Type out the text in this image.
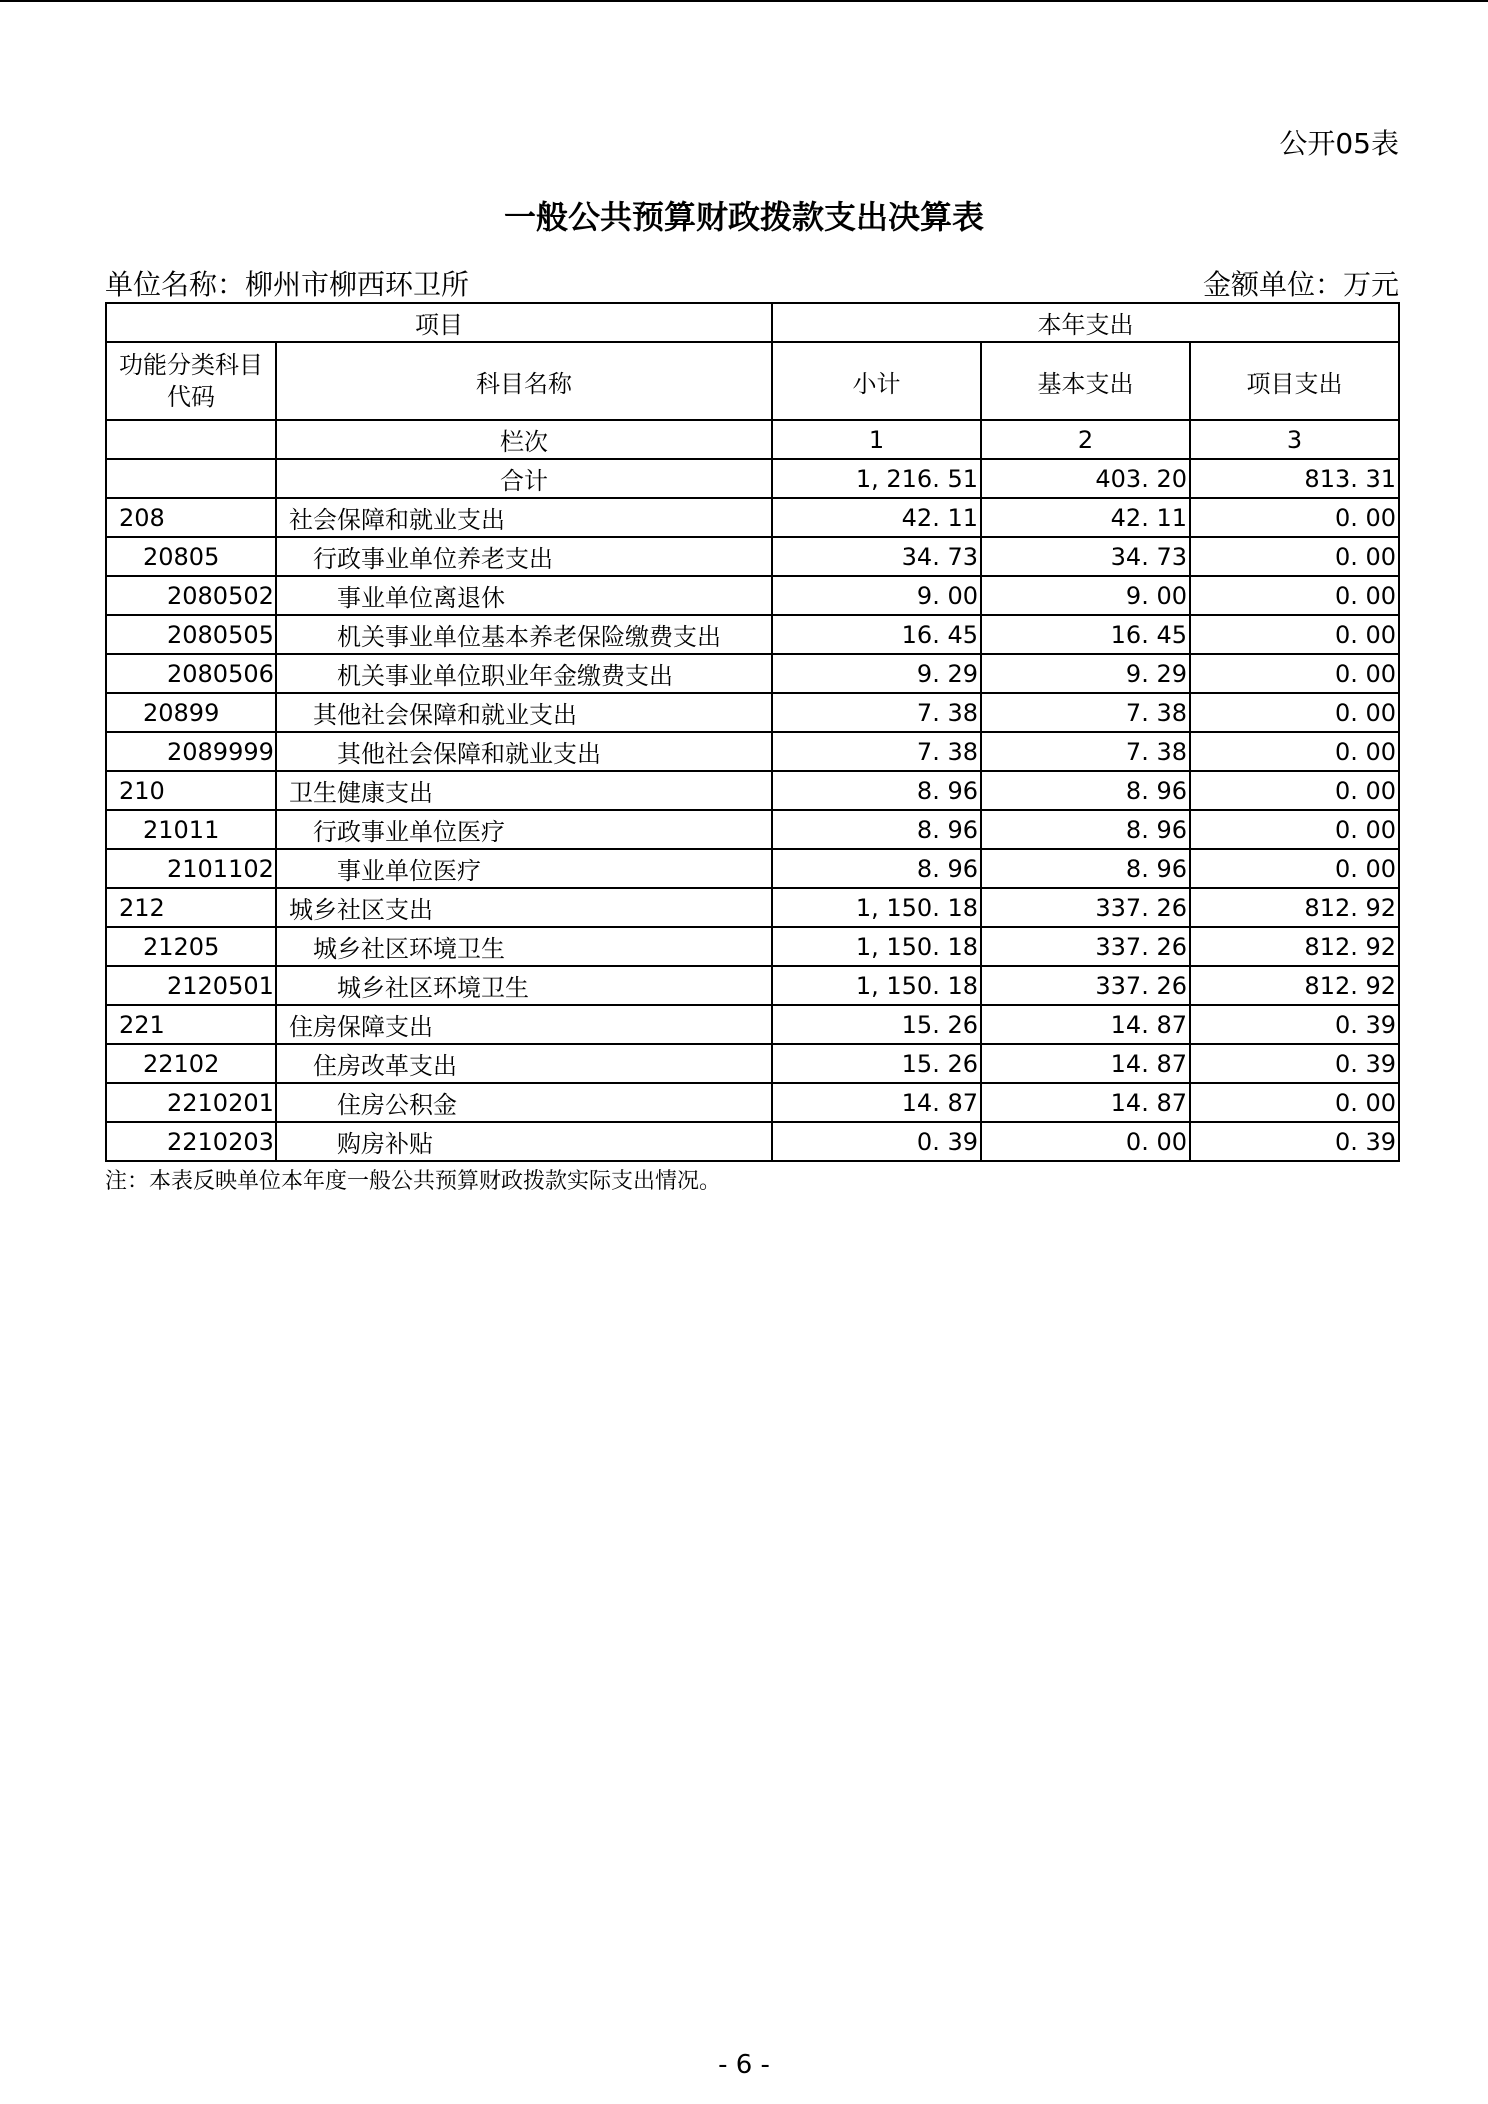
公开05表
一般公共预算财政拨款支出决算表
单位名称：柳州市柳西环卫所	金额单位：万元
项目		本年支出		

功能分类科目代码	科目名称	小计	基本支出	项目支出
	栏次	1	2	3
	合计	1, 216. 51	403. 20	813. 31
208	社会保障和就业支出	42. 11	42. 11	0. 00
20805	行政事业单位养老支出	34. 73	34. 73	0. 00
2080502	事业单位离退休	9. 00	9. 00	0. 00
2080505	机关事业单位基本养老保险缴费支出	16. 45	16. 45	0. 00
2080506	机关事业单位职业年金缴费支出	9. 29	9. 29	0. 00
20899	其他社会保障和就业支出	7. 38	7. 38	0. 00
2089999	其他社会保障和就业支出	7. 38	7. 38	0. 00
210	卫生健康支出	8. 96	8. 96	0. 00
21011	行政事业单位医疗	8. 96	8. 96	0. 00
2101102	事业单位医疗	8. 96	8. 96	0. 00
212	城乡社区支出	1, 150. 18	337. 26	812. 92
21205	城乡社区环境卫生	1, 150. 18	337. 26	812. 92
2120501	城乡社区环境卫生	1, 150. 18	337. 26	812. 92
221	住房保障支出	15. 26	14. 87	0. 39
22102	住房改革支出	15. 26	14. 87	0. 39
2210201	住房公积金	14. 87	14. 87	0. 00
2210203	购房补贴	0. 39	0. 00	0. 39
注：本表反映单位本年度一般公共预算财政拨款实际支出情况。
- 6 -
